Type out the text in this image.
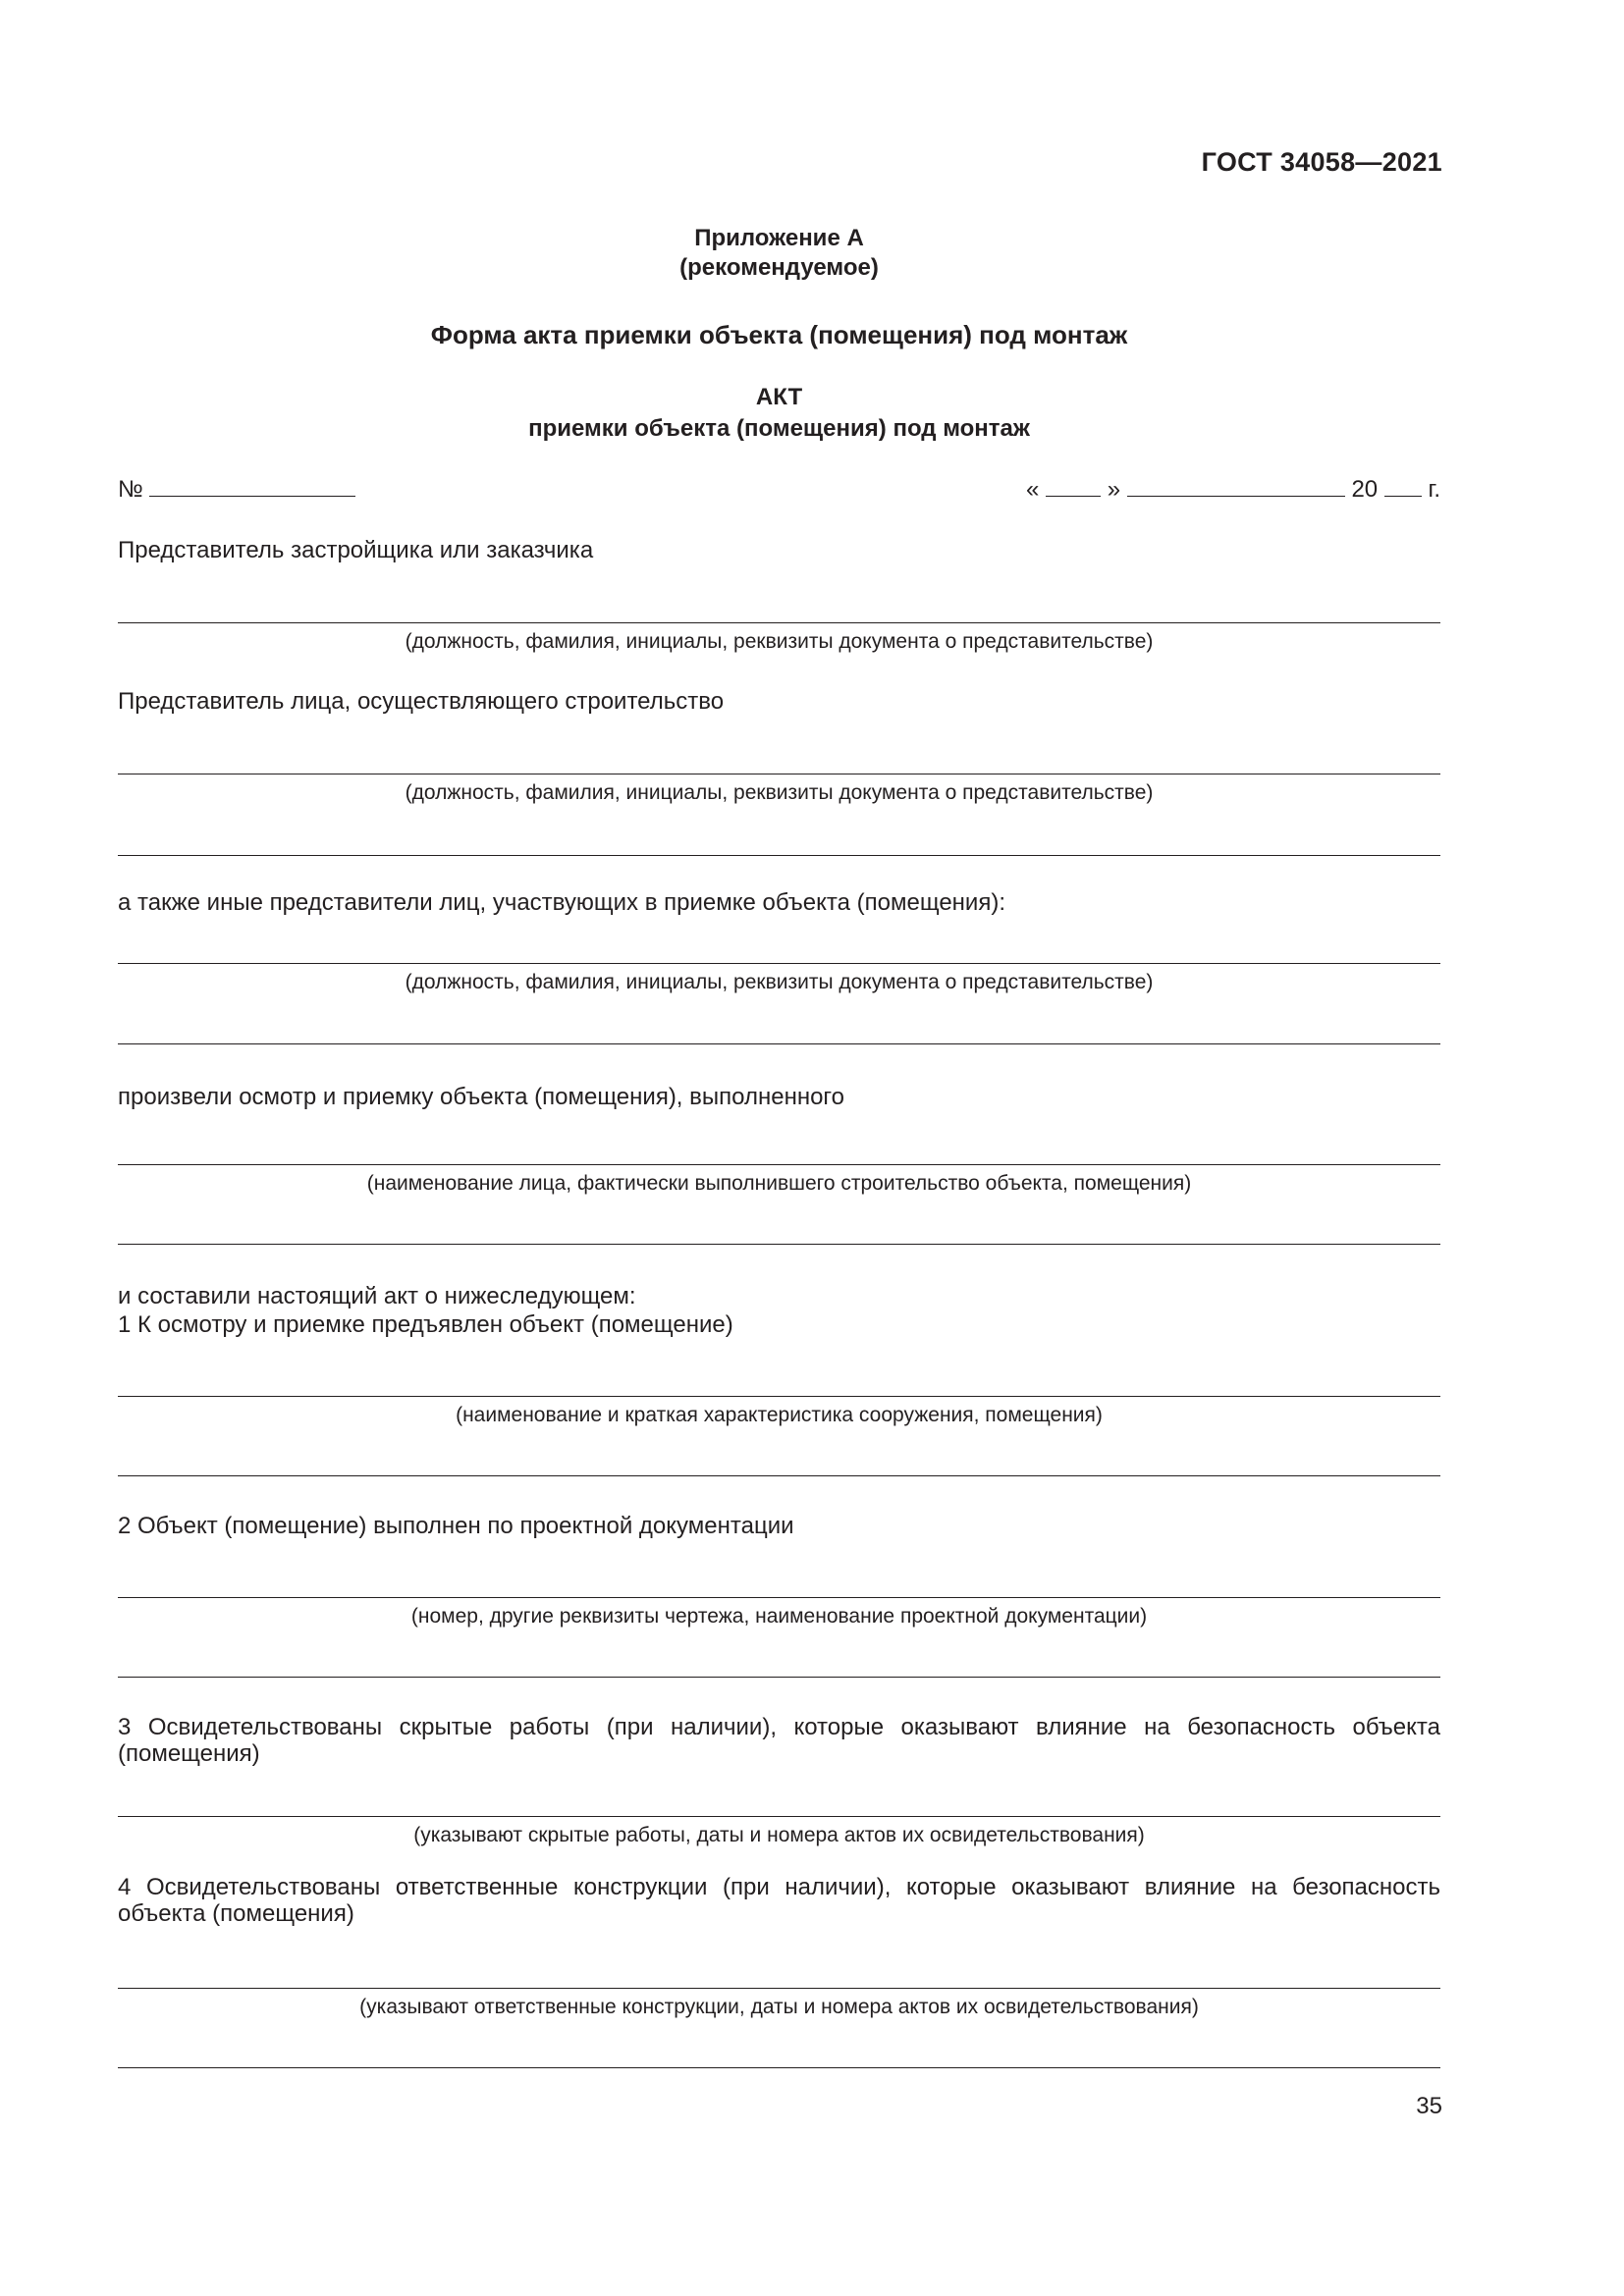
ГОСТ 34058—2021
Приложение А
(рекомендуемое)
Форма акта приемки объекта (помещения) под монтаж
АКТ
приемки объекта (помещения) под монтаж
№	«	»	20 г.
Представитель застройщика или заказчика
(должность, фамилия, инициалы, реквизиты документа о представительстве)
Представитель лица, осуществляющего строительство
(должность, фамилия, инициалы, реквизиты документа о представительстве)
а также иные представители лиц, участвующих в приемке объекта (помещения):
(должность, фамилия, инициалы, реквизиты документа о представительстве)
произвели осмотр и приемку объекта (помещения), выполненного
(наименование лица, фактически выполнившего строительство объекта, помещения)
и составили настоящий акт о нижеследующем:
1 К осмотру и приемке предъявлен объект (помещение)
(наименование и краткая характеристика сооружения, помещения)
2 Объект (помещение) выполнен по проектной документации
(номер, другие реквизиты чертежа, наименование проектной документации)
3 Освидетельствованы скрытые работы (при наличии), которые оказывают влияние на безопасность объекта (помещения)
(указывают скрытые работы, даты и номера актов их освидетельствования)
4 Освидетельствованы ответственные конструкции (при наличии), которые оказывают влияние на безопасность объекта (помещения)
(указывают ответственные конструкции, даты и номера актов их освидетельствования)
35
